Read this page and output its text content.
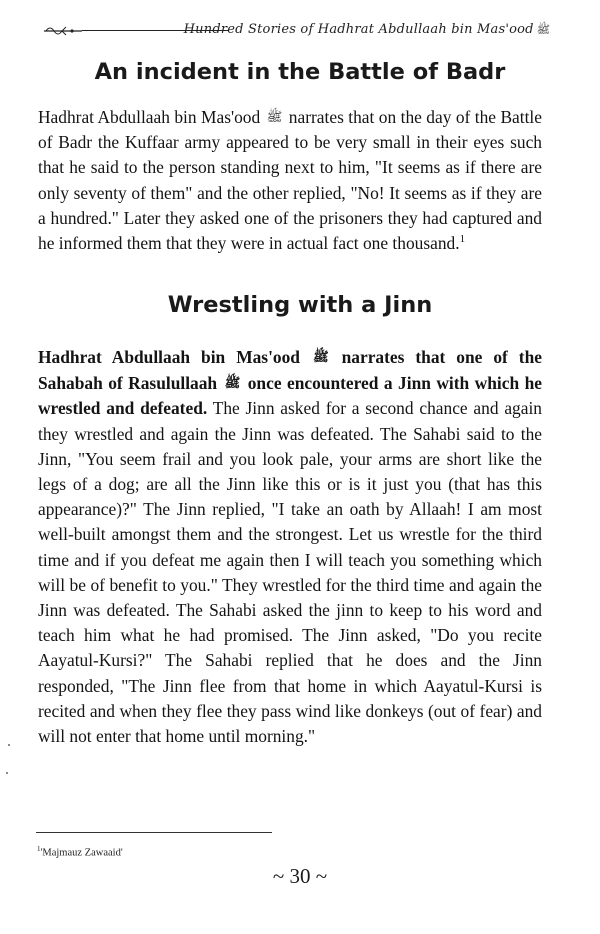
Hundred Stories of Hadhrat Abdullaah bin Mas'ood ﷺ
An incident in the Battle of Badr

Hadhrat Abdullaah bin Mas'ood ﷺ narrates that on the day of the Battle of Badr the Kuffaar army appeared to be very small in their eyes such that he said to the person standing next to him, "It seems as if there are only seventy of them" and the other replied, "No! It seems as if they are a hundred." Later they asked one of the prisoners they had captured and he informed them that they were in actual fact one thousand.$^1$

Wrestling with a Jinn

Hadhrat Abdullaah bin Mas'ood ﷺ narrates that one of the Sahabah of Rasulullaah ﷺ once encountered a Jinn with which he wrestled and defeated. The Jinn asked for a second chance and again they wrestled and again the Jinn was defeated. The Sahabi said to the Jinn, "You seem frail and you look pale, your arms are short like the legs of a dog; are all the Jinn like this or is it just you (that has this appearance)?" The Jinn replied, "I take an oath by Allaah! I am most well-built amongst them and the strongest. Let us wrestle for the third time and if you defeat me again then I will teach you something which will be of benefit to you." They wrestled for the third time and again the Jinn was defeated. The Sahabi asked the jinn to keep to his word and teach him what he had promised. The Jinn asked, "Do you recite Aayatul-Kursi?" The Sahabi replied that he does and the Jinn responded, "The Jinn flee from that home in which Aayatul-Kursi is recited and when they flee they pass wind like donkeys (out of fear) and will not enter that home until morning."

$^1$'Majmauz Zawaaid'
~ 30 ~
